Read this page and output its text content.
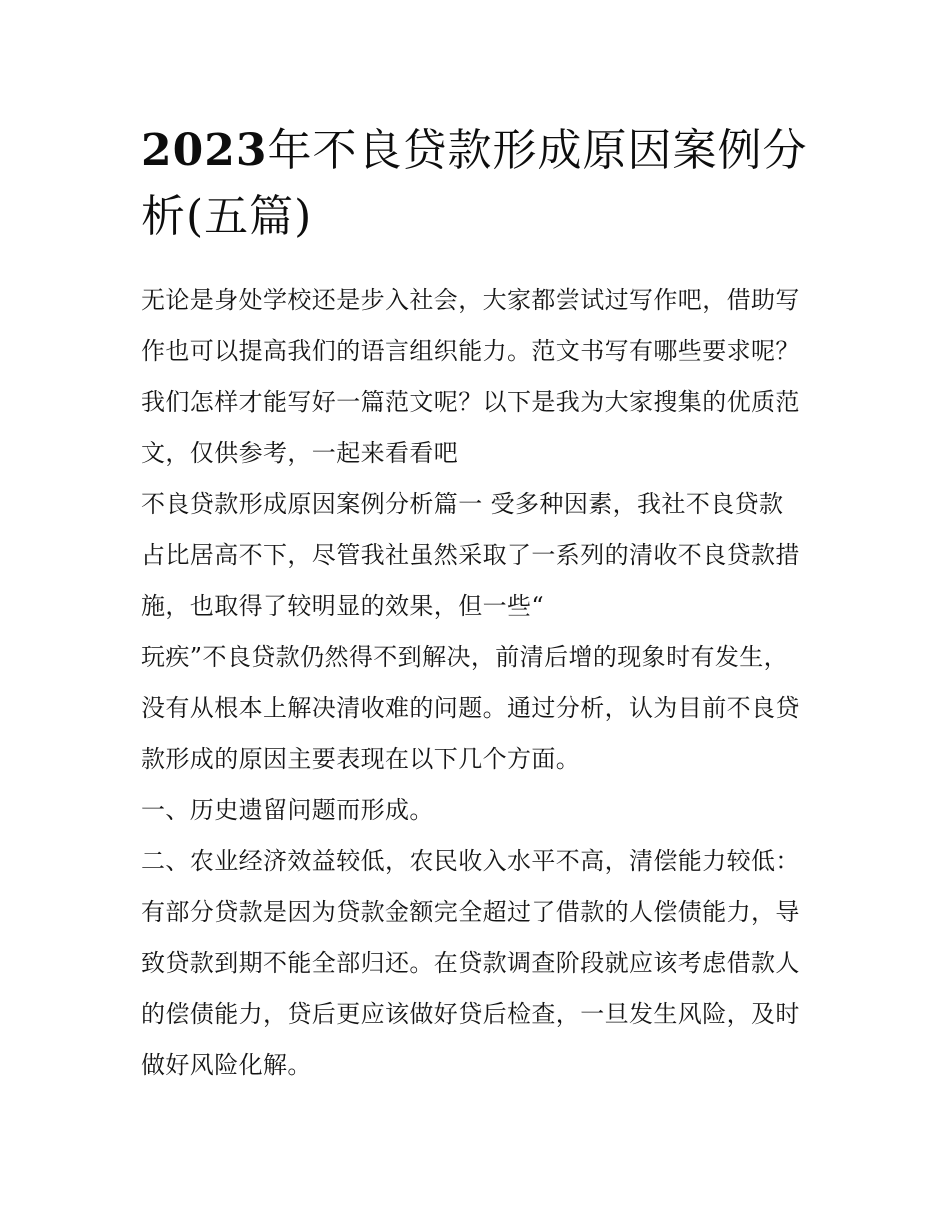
2023年不良贷款形成原因案例分析(五篇)

无论是身处学校还是步入社会，大家都尝试过写作吧，借助写

作也可以提高我们的语言组织能力。范文书写有哪些要求呢？

我们怎样才能写好一篇范文呢？以下是我为大家搜集的优质范

文，仅供参考，一起来看看吧

不良贷款形成原因案例分析篇一 受多种因素，我社不良贷款

占比居高不下，尽管我社虽然采取了一系列的清收不良贷款措

施，也取得了较明显的效果，但一些“

玩疾”不良贷款仍然得不到解决，前清后增的现象时有发生，

没有从根本上解决清收难的问题。通过分析，认为目前不良贷

款形成的原因主要表现在以下几个方面。

一、历史遗留问题而形成。

二、农业经济效益较低，农民收入水平不高，清偿能力较低：

有部分贷款是因为贷款金额完全超过了借款的人偿债能力，导

致贷款到期不能全部归还。在贷款调查阶段就应该考虑借款人

的偿债能力，贷后更应该做好贷后检查，一旦发生风险，及时

做好风险化解。
